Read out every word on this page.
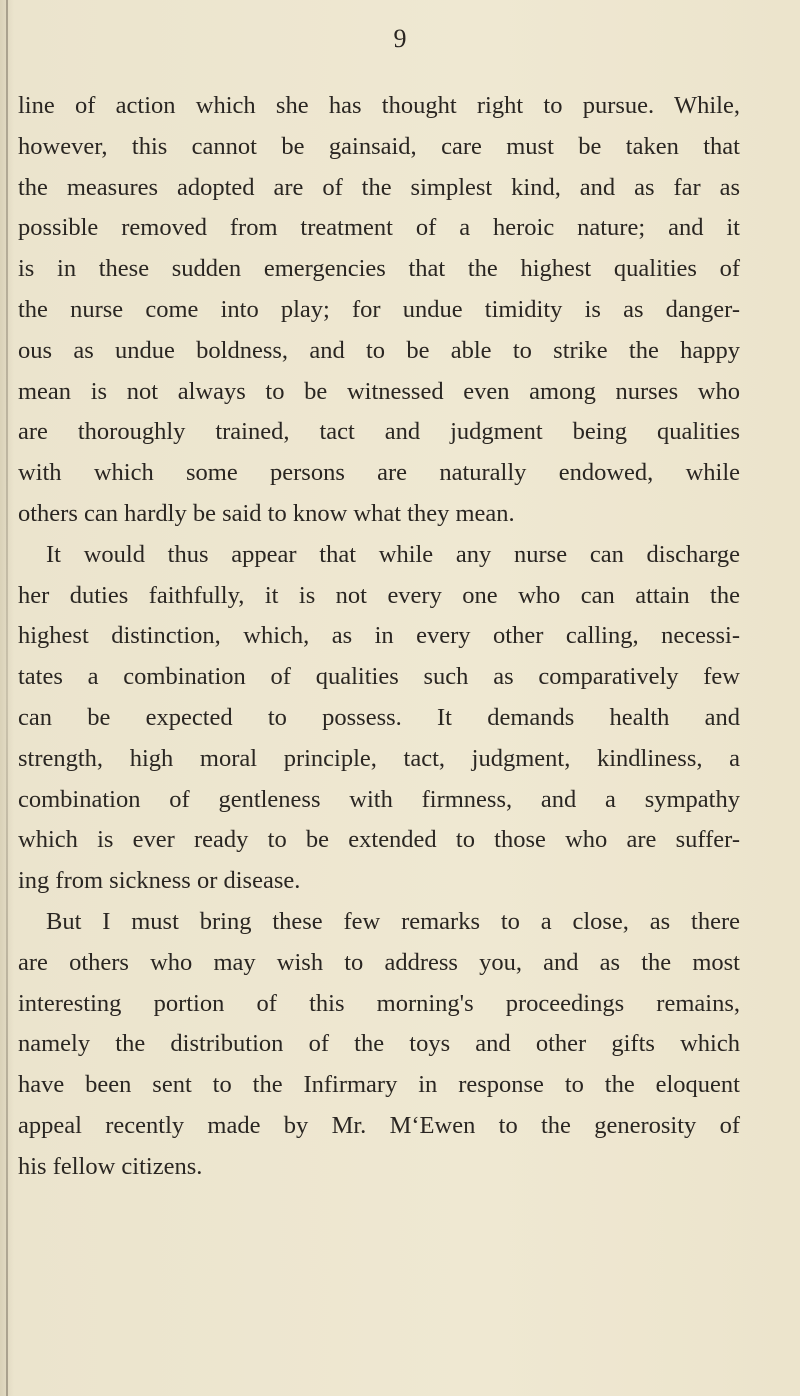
9
line of action which she has thought right to pursue. While,
however, this cannot be gainsaid, care must be taken that
the measures adopted are of the simplest kind, and as far as
possible removed from treatment of a heroic nature; and it
is in these sudden emergencies that the highest qualities of
the nurse come into play; for undue timidity is as danger-
ous as undue boldness, and to be able to strike the happy
mean is not always to be witnessed even among nurses who
are thoroughly trained, tact and judgment being qualities
with which some persons are naturally endowed, while
others can hardly be said to know what they mean.
It would thus appear that while any nurse can discharge
her duties faithfully, it is not every one who can attain the
highest distinction, which, as in every other calling, necessi-
tates a combination of qualities such as comparatively few
can be expected to possess. It demands health and
strength, high moral principle, tact, judgment, kindliness, a
combination of gentleness with firmness, and a sympathy
which is ever ready to be extended to those who are suffer-
ing from sickness or disease.
But I must bring these few remarks to a close, as there
are others who may wish to address you, and as the most
interesting portion of this morning's proceedings remains,
namely the distribution of the toys and other gifts which
have been sent to the Infirmary in response to the eloquent
appeal recently made by Mr. M‘Ewen to the generosity of
his fellow citizens.
